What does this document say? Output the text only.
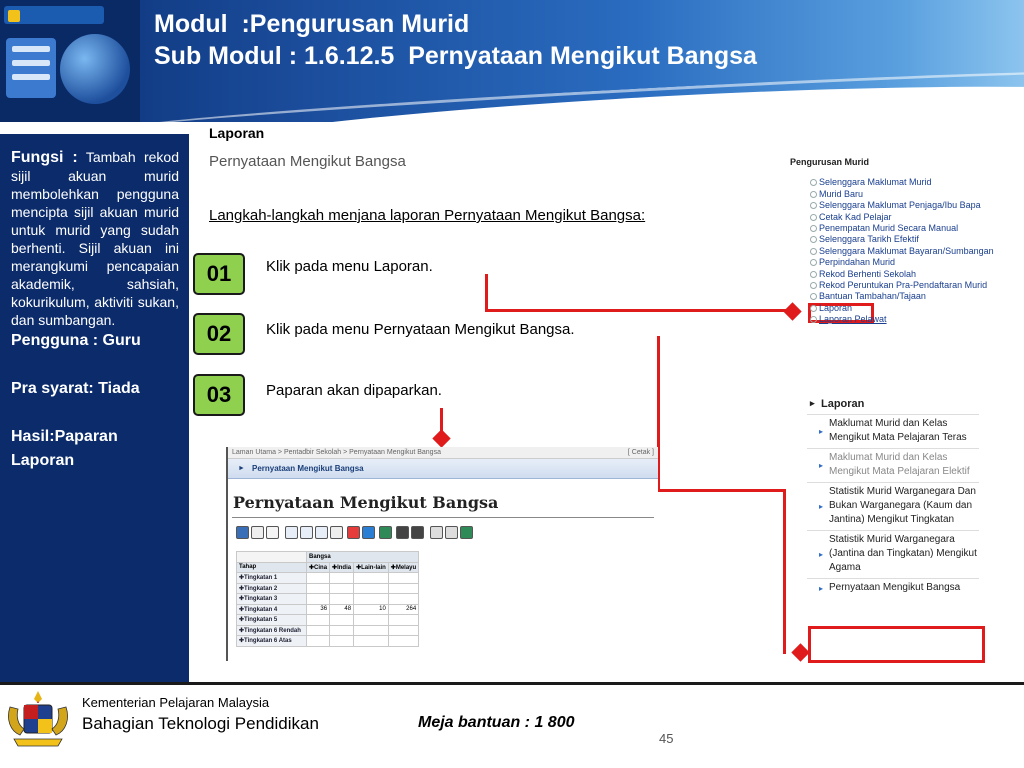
Modul  :Pengurusan Murid
Sub Modul : 1.6.12.5  Pernyataan Mengikut Bangsa
Fungsi : Tambah rekod sijil akuan murid membolehkan pengguna mencipta sijil akuan murid untuk murid yang sudah berhenti. Sijil akuan ini merangkumi pencapaian akademik, sahsiah, kokurikulum, aktiviti sukan, dan sumbangan.
Pengguna : Guru

Pra syarat: Tiada

Hasil:Paparan
Laporan
Laporan
Pernyataan Mengikut Bangsa
Langkah-langkah menjana laporan Pernyataan Mengikut Bangsa:
01	Klik pada menu Laporan.
02	Klik pada menu Pernyataan Mengikut Bangsa.
03	Paparan akan dipaparkan.
Laman Utama > Pentadbir Sekolah > Pernyataan Mengikut Bangsa	[ Cetak ]
► Pernyataan Mengikut Bangsa
Pernyataan Mengikut Bangsa
	Bangsa			
Tahap	✚Cina	✚India	✚Lain-lain	✚Melayu
✚Tingkatan 1				
✚Tingkatan 2				
✚Tingkatan 3				
✚Tingkatan 4	36	48	10	264
✚Tingkatan 5				
✚Tingkatan 6 Rendah				
✚Tingkatan 6 Atas				
Pengurusan Murid
Selenggara Maklumat Murid
Murid Baru
Selenggara Maklumat Penjaga/Ibu Bapa
Cetak Kad Pelajar
Penempatan Murid Secara Manual
Selenggara Tarikh Efektif
Selenggara Maklumat Bayaran/Sumbangan
Perpindahan Murid
Rekod Berhenti Sekolah
Rekod Peruntukan Pra-Pendaftaran Murid
Bantuan Tambahan/Tajaan
Laporan
Laporan Pelawat
▸ Laporan
▸
Maklumat Murid dan Kelas Mengikut Mata Pelajaran Teras
▸
Maklumat Murid dan Kelas Mengikut Mata Pelajaran Elektif
▸
Statistik Murid Warganegara Dan Bukan Warganegara (Kaum dan Jantina) Mengikut Tingkatan
▸
Statistik Murid Warganegara (Jantina dan Tingkatan) Mengikut Agama
▸ Pernyataan Mengikut Bangsa
Kementerian Pelajaran Malaysia
Bahagian Teknologi Pendidikan	Meja bantuan : 1 800
45
